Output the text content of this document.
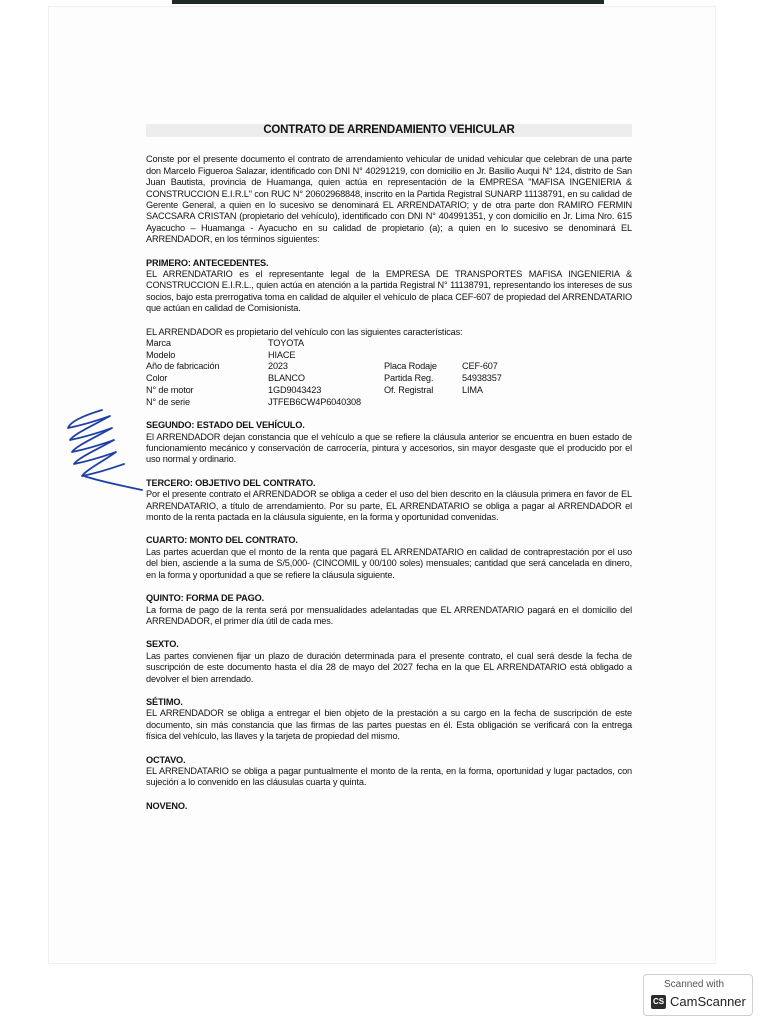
CONTRATO DE ARRENDAMIENTO VEHICULAR

Conste por el presente documento el contrato de arrendamiento vehicular de unidad vehicular que celebran de una parte don Marcelo Figueroa Salazar, identificado con DNI N° 40291219, con domicilio en Jr. Basilio Auqui N° 124, distrito de San Juan Bautista, provincia de Huamanga, quien actúa en representación de la EMPRESA "MAFISA INGENIERIA & CONSTRUCCION E.I.R.L" con RUC N° 20602968848, inscrito en la Partida Registral SUNARP 11138791, en su calidad de Gerente General, a quien en lo sucesivo se denominará EL ARRENDATARIO; y de otra parte don RAMIRO FERMIN SACCSARA CRISTAN (propietario del vehículo), identificado con DNI N° 404991351, y con domicilio en Jr. Lima Nro. 615 Ayacucho – Huamanga - Ayacucho en su calidad de propietario (a); a quien en lo sucesivo se denominará EL ARRENDADOR, en los términos siguientes:

PRIMERO: ANTECEDENTES.

EL ARRENDATARIO es el representante legal de la EMPRESA DE TRANSPORTES MAFISA INGENIERIA & CONSTRUCCION E.I.R.L., quien actúa en atención a la partida Registral N° 11138791, representando los intereses de sus socios, bajo esta prerrogativa toma en calidad de alquiler el vehículo de placa CEF-607 de propiedad del ARRENDATARIO que actúan en calidad de Comisionista.

EL ARRENDADOR es propietario del vehículo con las siguientes características:

Marca	TOYOTA
Modelo	HIACE
Año de fabricación	2023	Placa Rodaje	CEF-607
Color	BLANCO	Partida Reg.	54938357
N° de motor	1GD9043423	Of. Registral	LIMA
N° de serie	JTFEB6CW4P6040308

SEGUNDO: ESTADO DEL VEHÍCULO.

El ARRENDADOR dejan constancia que el vehículo a que se refiere la cláusula anterior se encuentra en buen estado de funcionamiento mecánico y conservación de carrocería, pintura y accesorios, sin mayor desgaste que el producido por el uso normal y ordinario.

TERCERO: OBJETIVO DEL CONTRATO.

Por el presente contrato el ARRENDADOR se obliga a ceder el uso del bien descrito en la cláusula primera en favor de EL ARRENDATARIO, a título de arrendamiento. Por su parte, EL ARRENDATARIO se obliga a pagar al ARRENDADOR el monto de la renta pactada en la cláusula siguiente, en la forma y oportunidad convenidas.

CUARTO: MONTO DEL CONTRATO.

Las partes acuerdan que el monto de la renta que pagará EL ARRENDATARIO en calidad de contraprestación por el uso del bien, asciende a la suma de S/5,000- (CINCOMIL y 00/100 soles) mensuales; cantidad que será cancelada en dinero, en la forma y oportunidad a que se refiere la cláusula siguiente.

QUINTO: FORMA DE PAGO.

La forma de pago de la renta será por mensualidades adelantadas que EL ARRENDATARIO pagará en el domicilio del ARRENDADOR, el primer día útil de cada mes.

SEXTO.

Las partes convienen fijar un plazo de duración determinada para el presente contrato, el cual será desde la fecha de suscripción de este documento hasta el día 28 de mayo del 2027 fecha en la que EL ARRENDATARIO está obligado a devolver el bien arrendado.

SÉTIMO.

EL ARRENDADOR se obliga a entregar el bien objeto de la prestación a su cargo en la fecha de suscripción de este documento, sin más constancia que las firmas de las partes puestas en él. Esta obligación se verificará con la entrega física del vehículo, las llaves y la tarjeta de propiedad del mismo.

OCTAVO.

EL ARRENDATARIO se obliga a pagar puntualmente el monto de la renta, en la forma, oportunidad y lugar pactados, con sujeción a lo convenido en las cláusulas cuarta y quinta.

NOVENO.

Scanned with
CS CamScanner
